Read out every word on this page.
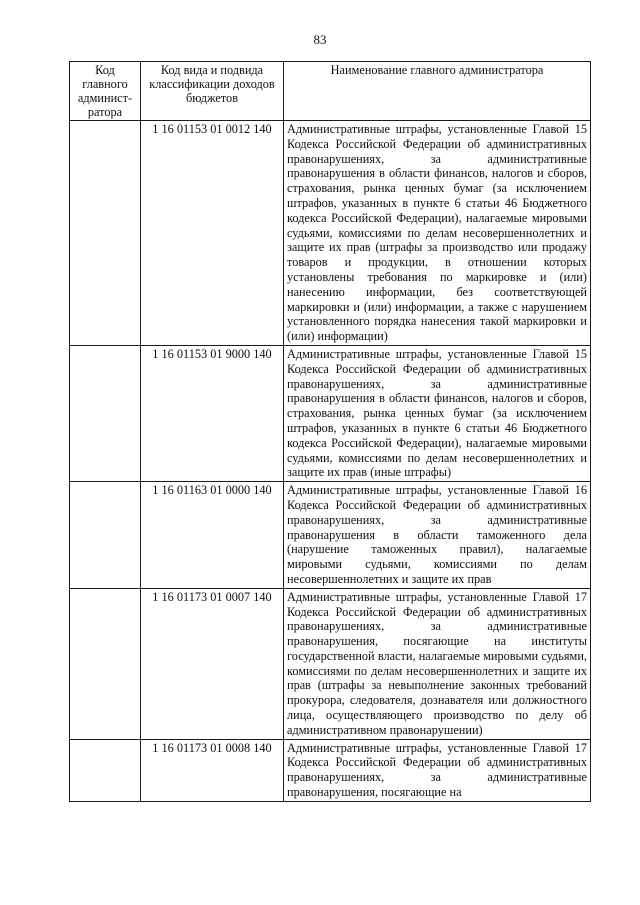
83
Код главного админист-ратора	Код вида и подвида классификации доходов бюджетов	Наименование главного администратора
	1 16 01153 01 0012 140	Административные штрафы, установленные Главой 15 Кодекса Российской Федерации об административных правонарушениях, за административные правонарушения в области финансов, налогов и сборов, страхования, рынка ценных бумаг (за исключением штрафов, указанных в пункте 6 статьи 46 Бюджетного кодекса Российской Федерации), налагаемые мировыми судьями, комиссиями по делам несовершеннолетних и защите их прав (штрафы за производство или продажу товаров и продукции, в отношении которых установлены требования по маркировке и (или) нанесению информации, без соответствующей маркировки и (или) информации, а также с нарушением установленного порядка нанесения такой маркировки и (или) информации)
	1 16 01153 01 9000 140	Административные штрафы, установленные Главой 15 Кодекса Российской Федерации об административных правонарушениях, за административные правонарушения в области финансов, налогов и сборов, страхования, рынка ценных бумаг (за исключением штрафов, указанных в пункте 6 статьи 46 Бюджетного кодекса Российской Федерации), налагаемые мировыми судьями, комиссиями по делам несовершеннолетних и защите их прав (иные штрафы)
	1 16 01163 01 0000 140	Административные штрафы, установленные Главой 16 Кодекса Российской Федерации об административных правонарушениях, за административные правонарушения в области таможенного дела (нарушение таможенных правил), налагаемые мировыми судьями, комиссиями по делам несовершеннолетних и защите их прав
	1 16 01173 01 0007 140	Административные штрафы, установленные Главой 17 Кодекса Российской Федерации об административных правонарушениях, за административные правонарушения, посягающие на институты государственной власти, налагаемые мировыми судьями, комиссиями по делам несовершеннолетних и защите их прав (штрафы за невыполнение законных требований прокурора, следователя, дознавателя или должностного лица, осуществляющего производство по делу об административном правонарушении)
	1 16 01173 01 0008 140	Административные штрафы, установленные Главой 17 Кодекса Российской Федерации об административных правонарушениях, за административные правонарушения, посягающие на
